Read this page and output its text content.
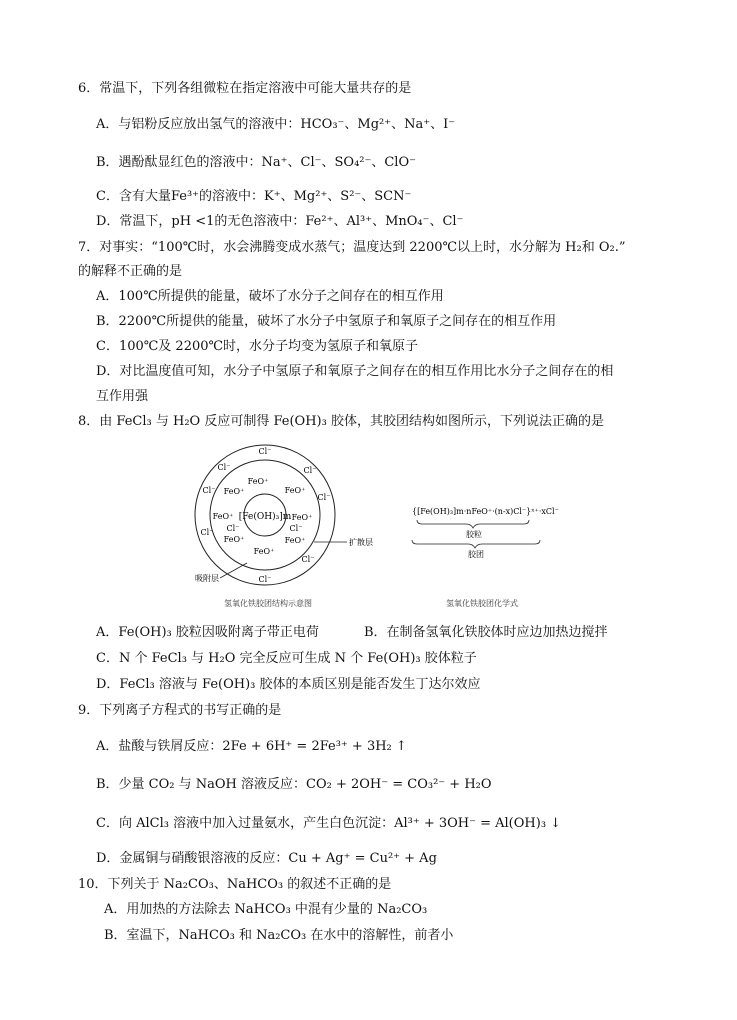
6．常温下，下列各组微粒在指定溶液中可能大量共存的是
A．与铝粉反应放出氢气的溶液中：HCO₃⁻、Mg²⁺、Na⁺、I⁻
B．遇酚酞显红色的溶液中：Na⁺、Cl⁻、SO₄²⁻、ClO⁻
C．含有大量Fe³⁺的溶液中：K⁺、Mg²⁺、S²⁻、SCN⁻
D．常温下，pH <1的无色溶液中：Fe²⁺、Al³⁺、MnO₄⁻、Cl⁻
7．对事实：“100℃时，水会沸腾变成水蒸气；温度达到 2200℃以上时，水分解为 H₂和 O₂.”
的解释不正确的是
A．100℃所提供的能量，破坏了水分子之间存在的相互作用
B．2200℃所提供的能量，破坏了水分子中氢原子和氧原子之间存在的相互作用
C．100℃及 2200℃时，水分子均变为氢原子和氧原子
D．对比温度值可知，水分子中氢原子和氧原子之间存在的相互作用比水分子之间存在的相
互作用强
8．由 FeCl₃ 与 H₂O 反应可制得 Fe(OH)₃ 胶体，其胶团结构如图所示，下列说法正确的是
[Fe(OH)₃]m
FeO⁺
FeO⁺	FeO⁺
FeO⁺	FeO⁺
FeO⁺	FeO⁺
FeO⁺
Cl⁻	Cl⁻
Cl⁻
Cl⁻	Cl⁻
Cl⁻
Cl⁻
Cl⁻
Cl⁻
Cl⁻
扩散层
吸附层
氢氧化铁胶团结构示意图
{[Fe(OH)₃]m·nFeO⁺·(n-x)Cl⁻}ˣ⁺·xCl⁻
胶粒
胶团
氢氧化铁胶团化学式
A．Fe(OH)₃ 胶粒因吸附离子带正电荷	B．在制备氢氧化铁胶体时应边加热边搅拌
C．N 个 FeCl₃ 与 H₂O 完全反应可生成 N 个 Fe(OH)₃ 胶体粒子
D．FeCl₃ 溶液与 Fe(OH)₃ 胶体的本质区别是能否发生丁达尔效应
9．下列离子方程式的书写正确的是
A．盐酸与铁屑反应：2Fe + 6H⁺ = 2Fe³⁺ + 3H₂ ↑
B．少量 CO₂ 与 NaOH 溶液反应：CO₂ + 2OH⁻ = CO₃²⁻ + H₂O
C．向 AlCl₃ 溶液中加入过量氨水，产生白色沉淀：Al³⁺ + 3OH⁻ = Al(OH)₃ ↓
D．金属铜与硝酸银溶液的反应：Cu + Ag⁺ = Cu²⁺ + Ag
10．下列关于 Na₂CO₃、NaHCO₃ 的叙述不正确的是
A．用加热的方法除去 NaHCO₃ 中混有少量的 Na₂CO₃
B．室温下，NaHCO₃ 和 Na₂CO₃ 在水中的溶解性，前者小
